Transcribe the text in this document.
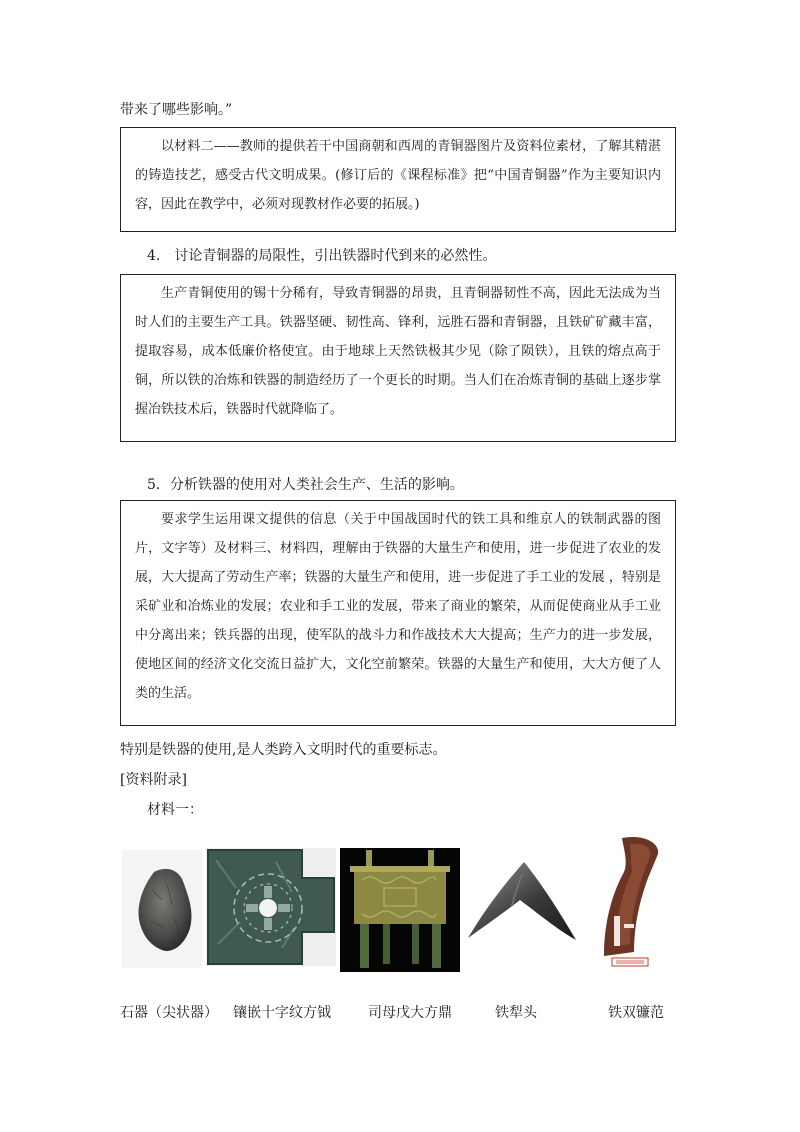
带来了哪些影响。”

以材料二——教师的提供若干中国商朝和西周的青铜器图片及资料位素材，了解其精湛的铸造技艺，感受古代文明成果。(修订后的《课程标准》把“中国青铜器”作为主要知识内容，因此在教学中，必须对现教材作必要的拓展。)

4.　讨论青铜器的局限性，引出铁器时代到来的必然性。

生产青铜使用的锡十分稀有，导致青铜器的昂贵，且青铜器韧性不高，因此无法成为当时人们的主要生产工具。铁器坚硬、韧性高、锋利，远胜石器和青铜器，且铁矿矿藏丰富，提取容易，成本低廉价格使宜。由于地球上天然铁极其少见（除了陨铁），且铁的熔点高于铜，所以铁的冶炼和铁器的制造经历了一个更长的时期。当人们在冶炼青铜的基础上逐步掌握冶铁技术后，铁器时代就降临了。

5．分析铁器的使用对人类社会生产、生活的影响。

要求学生运用课文提供的信息（关于中国战国时代的铁工具和维京人的铁制武器的图片，文字等）及材料三、材料四，理解由于铁器的大量生产和使用，进一步促进了农业的发展，大大提高了劳动生产率；铁器的大量生产和使用，进一步促进了手工业的发展 ，特别是采矿业和冶炼业的发展；农业和手工业的发展，带来了商业的繁荣，从而促使商业从手工业中分离出来；铁兵器的出现，使军队的战斗力和作战技术大大提高；生产力的进一步发展，使地区间的经济文化交流日益扩大，文化空前繁荣。铁器的大量生产和使用，大大方便了人类的生活。

特别是铁器的使用,是人类跨入文明时代的重要标志。
[资料附录]
材料一：
石器（尖状器） 镶嵌十字纹方钺	司母戊大方鼎	铁犁头	铁双镰范
